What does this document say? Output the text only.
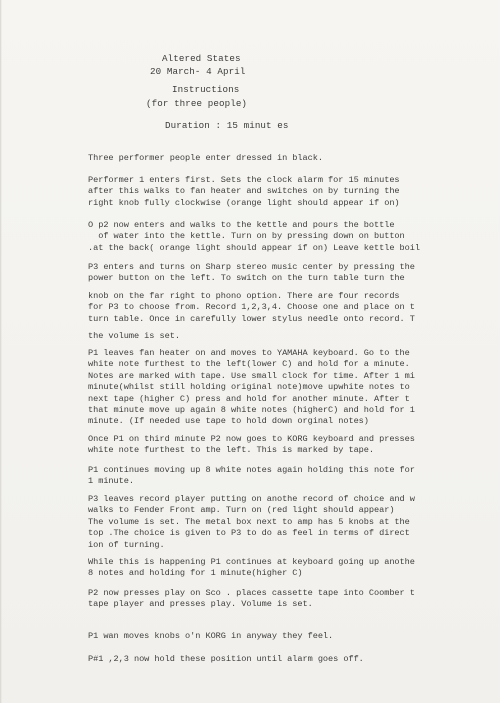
Altered States
20 March- 4 April
Instructions
(for three people)
Duration : 15 minut es
Three performer people enter dressed in black.
Performer 1 enters first. Sets the clock alarm for 15 minutes
after this walks to fan heater and switches on by turning the
right knob fully clockwise (orange light should appear if on)
O p2 now enters and walks to the kettle and pours the bottle
of water into the kettle. Turn on by pressing down on button
.at the back( orange light should appear if on) Leave kettle boil
P3 enters and turns on Sharp stereo music center by pressing the
power button on the left. To switch on the turn table turn the
knob on the far right to phono option. There are four records
for P3 to choose from. Record 1,2,3,4. Choose one and place on t
turn table. Once in carefully lower stylus needle onto record. T
the volume is set.
P1 leaves fan heater on and moves to YAMAHA keyboard. Go to the
white note furthest to the left(lower C) and hold for a minute.
Notes are marked with tape. Use small clock for time. After 1 mi
minute(whilst still holding original note)move upwhite notes to
next tape (higher C) press and hold for another minute. After t
that minute move up again 8 white notes (higherC) and hold for 1
minute. (If needed use tape to hold down orginal notes)
Once P1 on third minute P2 now goes to KORG keyboard and presses
white note furthest to the left. This is marked by tape.
P1 continues moving up 8 white notes again holding this note for
1 minute.
P3 leaves record player putting on anothe record of choice and w
walks to Fender Front amp. Turn on (red light should appear)
The volume is set. The metal box next to amp has 5 knobs at the
top .The choice is given to P3 to do as feel in terms of direct
ion of turning.
While this is happening P1 continues at keyboard going up anothe
8 notes and holding for 1 minute(higher C)
P2 now presses play on Sco . places cassette tape into Coomber t
tape player and presses play. Volume is set.
P1 wan moves knobs o'n KORG in anyway they feel.
P#1 ,2,3 now hold these position until alarm goes off.
